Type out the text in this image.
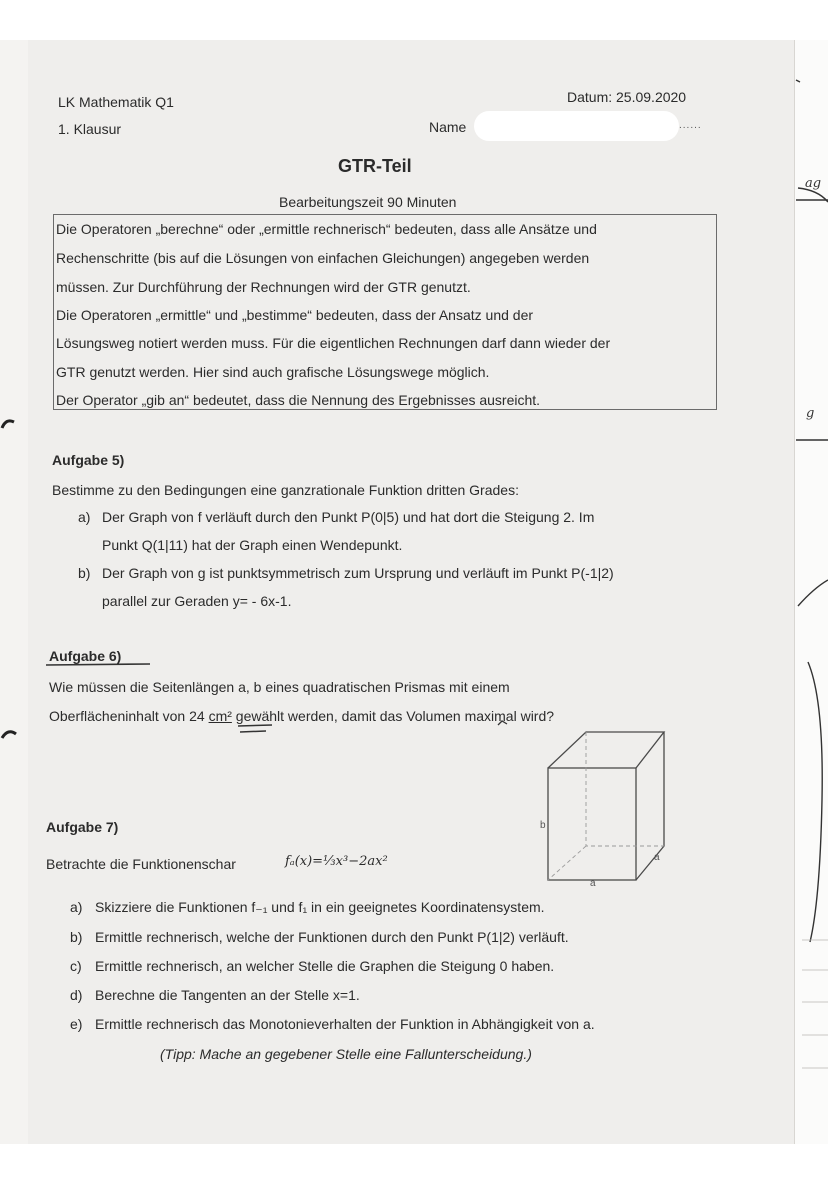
LK Mathematik Q1
1. Klausur
Datum: 25.09.2020
Name	......
GTR-Teil
Bearbeitungszeit 90 Minuten
Die Operatoren „berechne“ oder „ermittle rechnerisch“ bedeuten, dass alle Ansätze und
Rechenschritte (bis auf die Lösungen von einfachen Gleichungen) angegeben werden
müssen. Zur Durchführung der Rechnungen wird der GTR genutzt.
Die Operatoren „ermittle“ und „bestimme“ bedeuten, dass der Ansatz und der
Lösungsweg notiert werden muss. Für die eigentlichen Rechnungen darf dann wieder der
GTR genutzt werden. Hier sind auch grafische Lösungswege möglich.
Der Operator „gib an“ bedeutet, dass die Nennung des Ergebnisses ausreicht.
Aufgabe 5)
Bestimme zu den Bedingungen eine ganzrationale Funktion dritten Grades:
a) Der Graph von f verläuft durch den Punkt P(0|5) und hat dort die Steigung 2. Im
Punkt Q(1|11) hat der Graph einen Wendepunkt.
b) Der Graph von g ist punktsymmetrisch zum Ursprung und verläuft im Punkt P(-1|2)
parallel zur Geraden y= - 6x-1.
Aufgabe 6)
Wie müssen die Seitenlängen a, b eines quadratischen Prismas mit einem
Oberflächeninhalt von 24 cm² gewählt werden, damit das Volumen maximal wird?
b
a
a
Aufgabe 7)
Betrachte die Funktionenschar	fₐ(x)=⅓x³−2ax²
a) Skizziere die Funktionen f₋₁ und f₁ in ein geeignetes Koordinatensystem.
b) Ermittle rechnerisch, welche der Funktionen durch den Punkt P(1|2) verläuft.
c) Ermittle rechnerisch, an welcher Stelle die Graphen die Steigung 0 haben.
d) Berechne die Tangenten an der Stelle x=1.
e) Ermittle rechnerisch das Monotonieverhalten der Funktion in Abhängigkeit von a.
(Tipp: Mache an gegebener Stelle eine Fallunterscheidung.)
ag
g
